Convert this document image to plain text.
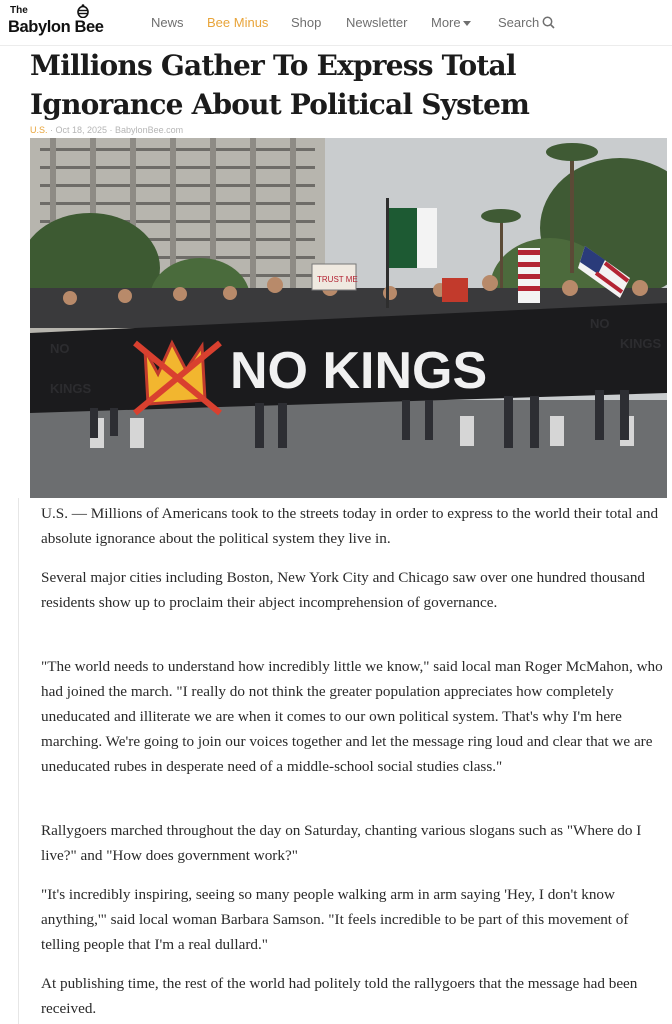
The
Babylon Bee	News Bee Minus Shop Newsletter More	Search
Millions Gather To Express Total Ignorance About Political System
U.S. · Oct 18, 2025 · BabylonBee.com
TRUST ME
NO
KINGS
NO
KINGS	NO KINGS

U.S. — Millions of Americans took to the streets today in order to express to the world their total and absolute ignorance about the political system they live in.

Several major cities including Boston, New York City and Chicago saw over one hundred thousand residents show up to proclaim their abject incomprehension of governance.

"The world needs to understand how incredibly little we know," said local man Roger McMahon, who had joined the march. "I really do not think the greater population appreciates how completely uneducated and illiterate we are when it comes to our own political system. That's why I'm here marching. We're going to join our voices together and let the message ring loud and clear that we are uneducated rubes in desperate need of a middle-school social studies class."

Rallygoers marched throughout the day on Saturday, chanting various slogans such as "Where do I live?" and "How does government work?"

"It's incredibly inspiring, seeing so many people walking arm in arm saying 'Hey, I don't know anything,'" said local woman Barbara Samson. "It feels incredible to be part of this movement of telling people that I'm a real dullard."

At publishing time, the rest of the world had politely told the rallygoers that the message had been received.
